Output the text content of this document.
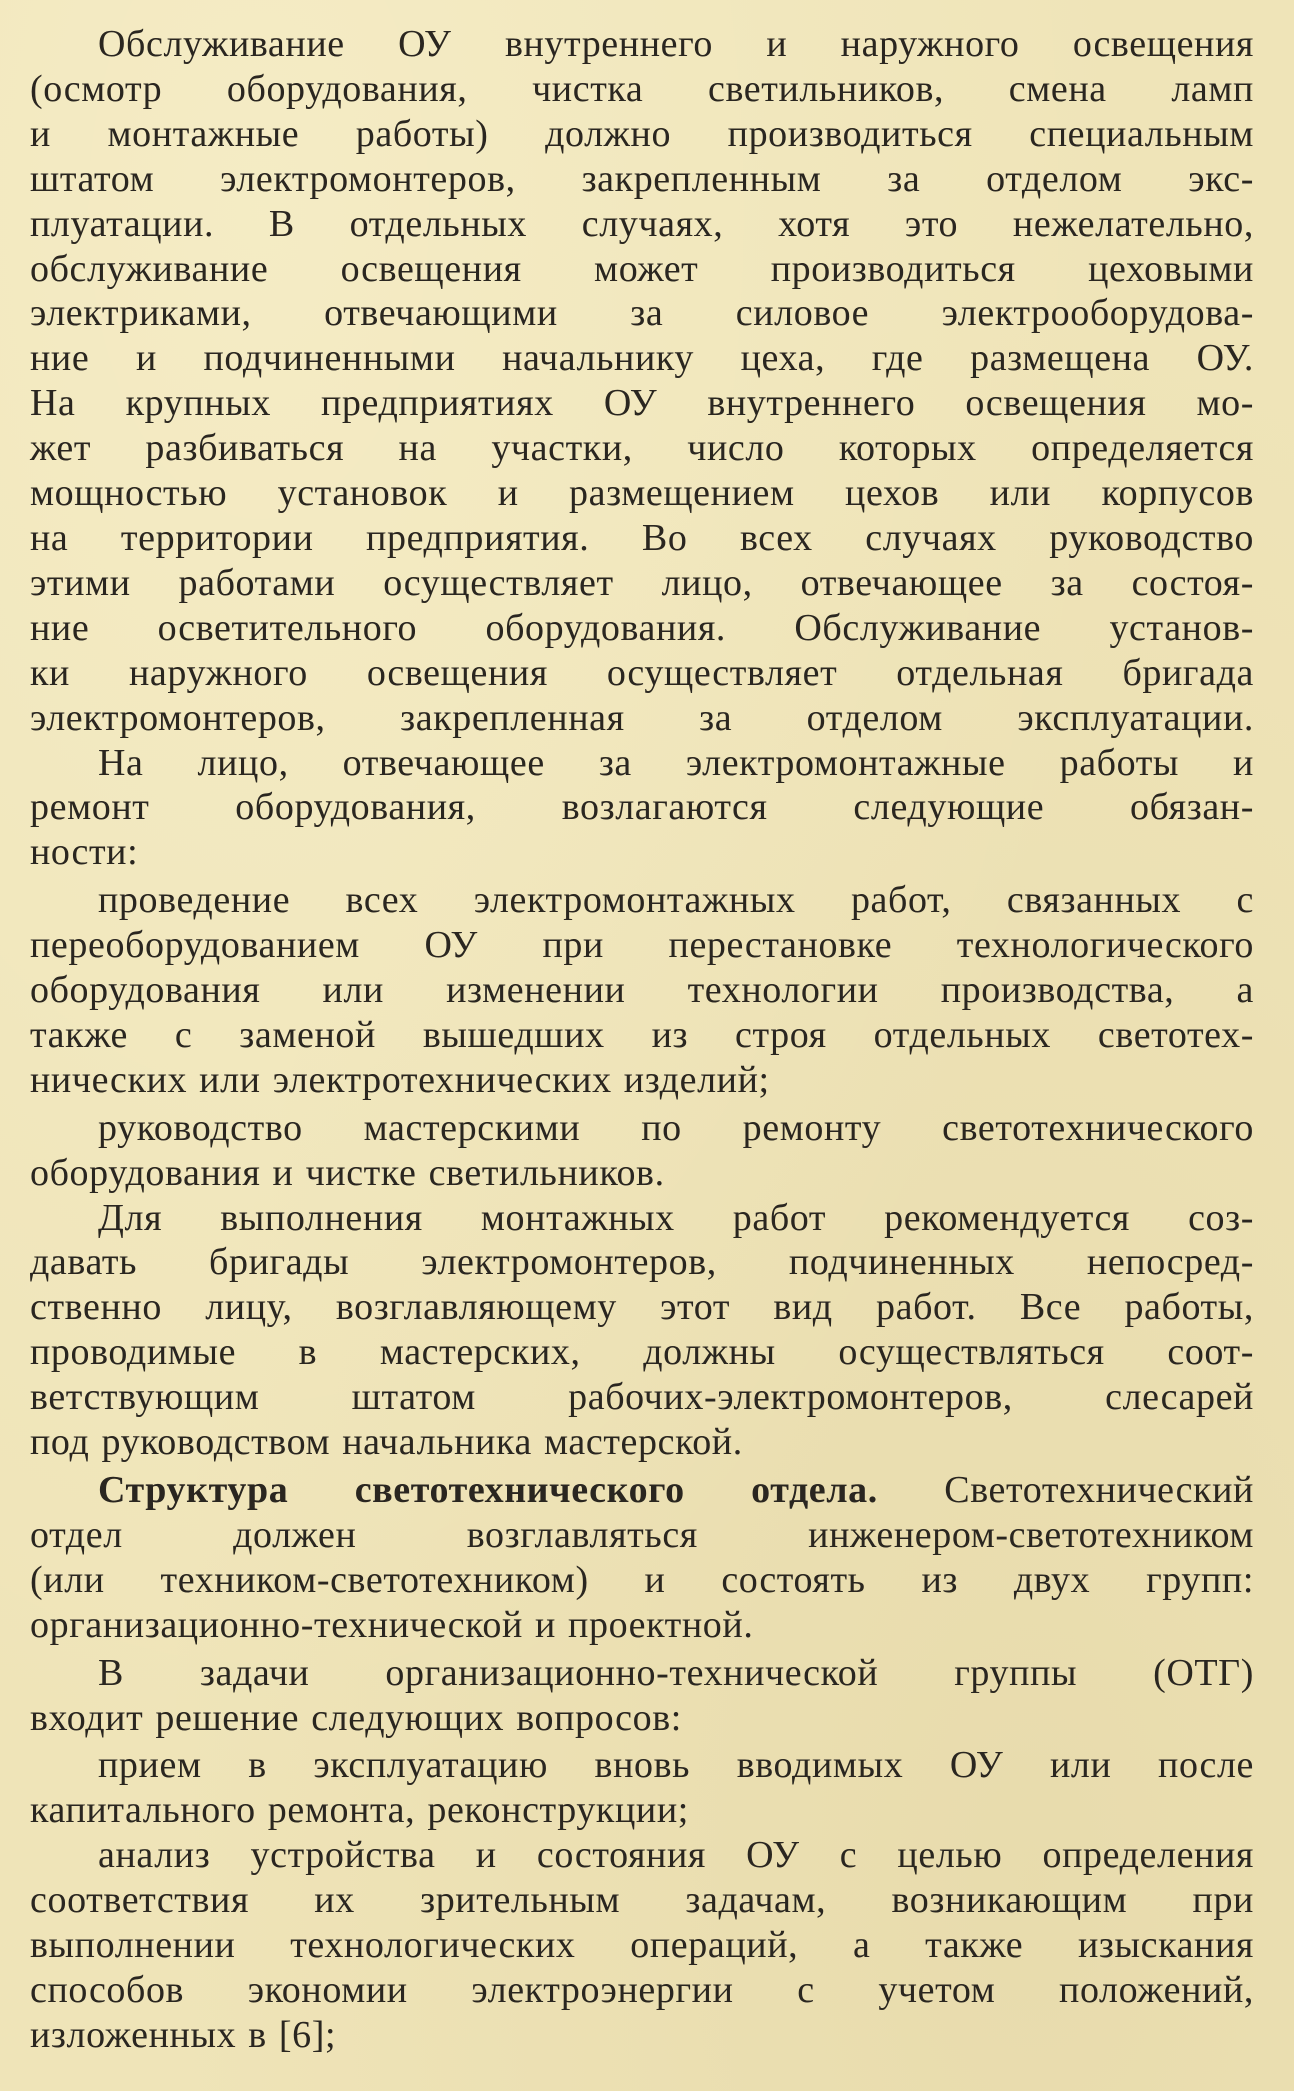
Обслуживание ОУ внутреннего и наружного освещения
(осмотр оборудования, чистка светильников, смена ламп

и монтажные работы) должно производиться специальным

штатом электромонтеров, закрепленным за отделом экс-

плуатации. В отдельных случаях, хотя это нежелательно,

обслуживание освещения может производиться цеховыми

электриками, отвечающими за силовое электрооборудова-

ние и подчиненными начальнику цеха, где размещена ОУ.

На крупных предприятиях ОУ внутреннего освещения мо-

жет разбиваться на участки, число которых определяется

мощностью установок и размещением цехов или корпусов

на территории предприятия. Во всех случаях руководство

этими работами осуществляет лицо, отвечающее за состоя-

ние осветительного оборудования. Обслуживание установ-

ки наружного освещения осуществляет отдельная бригада

электромонтеров, закрепленная за отделом эксплуатации.

На лицо, отвечающее за электромонтажные работы и

ремонт оборудования, возлагаются следующие обязан-

ности:

проведение всех электромонтажных работ, связанных с

переоборудованием ОУ при перестановке технологического

оборудования или изменении технологии производства, а

также с заменой вышедших из строя отдельных светотех-

нических или электротехнических изделий;

руководство мастерскими по ремонту светотехнического

оборудования и чистке светильников.

Для выполнения монтажных работ рекомендуется соз-

давать бригады электромонтеров, подчиненных непосред-

ственно лицу, возглавляющему этот вид работ. Все работы,

проводимые в мастерских, должны осуществляться соот-

ветствующим штатом рабочих-электромонтеров, слесарей

под руководством начальника мастерской.

Структура светотехнического отдела. Светотехнический

отдел должен возглавляться инженером-светотехником

(или техником-светотехником) и состоять из двух групп:

организационно-технической и проектной.

В задачи организационно-технической группы (ОТГ)

входит решение следующих вопросов:

прием в эксплуатацию вновь вводимых ОУ или после

капитального ремонта, реконструкции;

анализ устройства и состояния ОУ с целью определения

соответствия их зрительным задачам, возникающим при

выполнении технологических операций, а также изыскания

способов экономии электроэнергии с учетом положений,

изложенных в [6];
